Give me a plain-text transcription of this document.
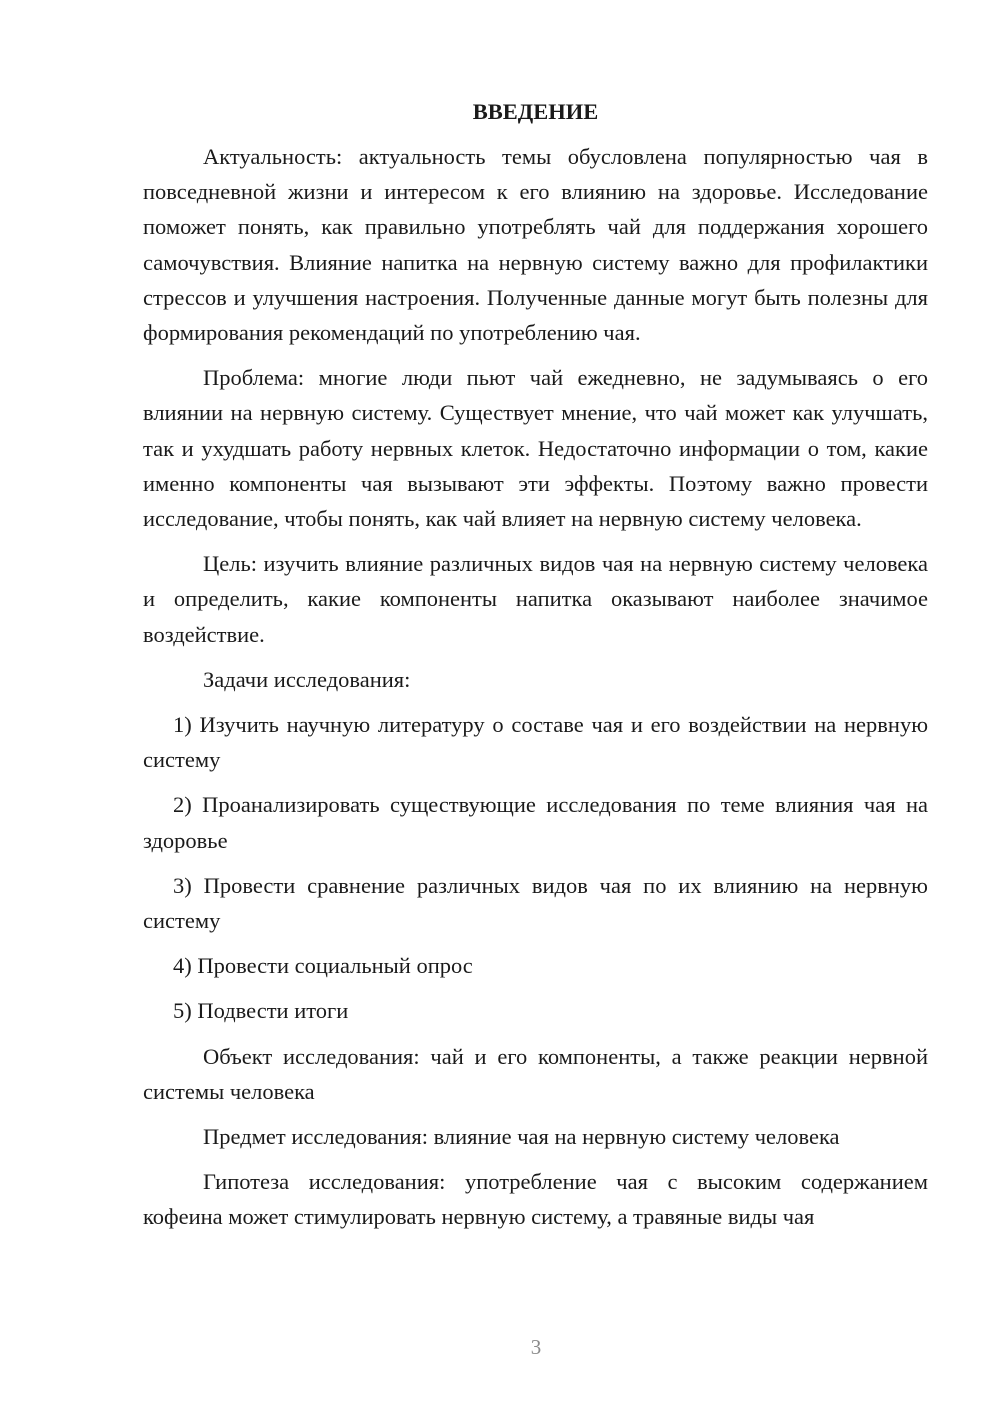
ВВЕДЕНИЕ

Актуальность: актуальность темы обусловлена популярностью чая в повседневной жизни и интересом к его влиянию на здоровье. Исследование поможет понять, как правильно употреблять чай для поддержания хорошего самочувствия. Влияние напитка на нервную систему важно для профилактики стрессов и улучшения настроения. Полученные данные могут быть полезны для формирования рекомендаций по употреблению чая.

Проблема: многие люди пьют чай ежедневно, не задумываясь о его влиянии на нервную систему. Существует мнение, что чай может как улучшать, так и ухудшать работу нервных клеток. Недостаточно информации о том, какие именно компоненты чая вызывают эти эффекты. Поэтому важно провести исследование, чтобы понять, как чай влияет на нервную систему человека.

Цель: изучить влияние различных видов чая на нервную систему человека и определить, какие компоненты напитка оказывают наиболее значимое воздействие.

Задачи исследования:

1) Изучить научную литературу о составе чая и его воздействии на нервную систему

2) Проанализировать существующие исследования по теме влияния чая на здоровье

3) Провести сравнение различных видов чая по их влиянию на нервную систему

4) Провести социальный опрос

5) Подвести итоги

Объект исследования: чай и его компоненты, а также реакции нервной системы человека

Предмет исследования: влияние чая на нервную систему человека

Гипотеза исследования: употребление чая с высоким содержанием кофеина может стимулировать нервную систему, а травяные виды чая

3
